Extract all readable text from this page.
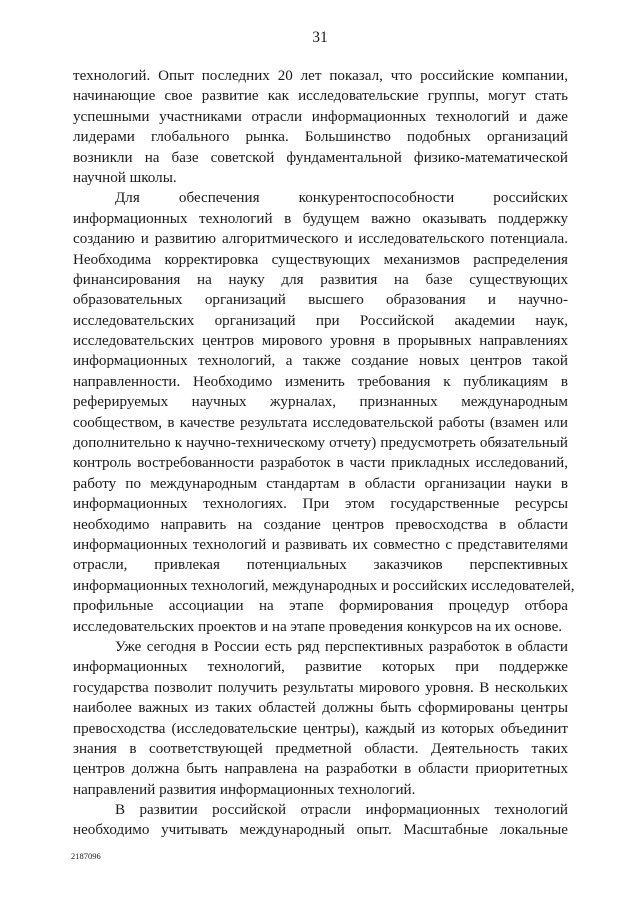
31
технологий. Опыт последних 20 лет показал, что российские компании,
начинающие свое развитие как исследовательские группы, могут стать
успешными участниками отрасли информационных технологий и даже
лидерами глобального рынка. Большинство подобных организаций
возникли на базе советской фундаментальной физико-математической
научной школы.
Для обеспечения конкурентоспособности российских
информационных технологий в будущем важно оказывать поддержку
созданию и развитию алгоритмического и исследовательского потенциала.
Необходима корректировка существующих механизмов распределения
финансирования на науку для развития на базе существующих
образовательных организаций высшего образования и научно-
исследовательских организаций при Российской академии наук,
исследовательских центров мирового уровня в прорывных направлениях
информационных технологий, а также создание новых центров такой
направленности. Необходимо изменить требования к публикациям в
реферируемых научных журналах, признанных международным
сообществом, в качестве результата исследовательской работы (взамен или
дополнительно к научно-техническому отчету) предусмотреть обязательный
контроль востребованности разработок в части прикладных исследований,
работу по международным стандартам в области организации науки в
информационных технологиях. При этом государственные ресурсы
необходимо направить на создание центров превосходства в области
информационных технологий и развивать их совместно с представителями
отрасли, привлекая потенциальных заказчиков перспективных
информационных технологий, международных и российских исследователей,
профильные ассоциации на этапе формирования процедур отбора
исследовательских проектов и на этапе проведения конкурсов на их основе.
Уже сегодня в России есть ряд перспективных разработок в области
информационных технологий, развитие которых при поддержке
государства позволит получить результаты мирового уровня. В нескольких
наиболее важных из таких областей должны быть сформированы центры
превосходства (исследовательские центры), каждый из которых объединит
знания в соответствующей предметной области. Деятельность таких
центров должна быть направлена на разработки в области приоритетных
направлений развития информационных технологий.
В развитии российской отрасли информационных технологий
необходимо учитывать международный опыт. Масштабные локальные
2187096
